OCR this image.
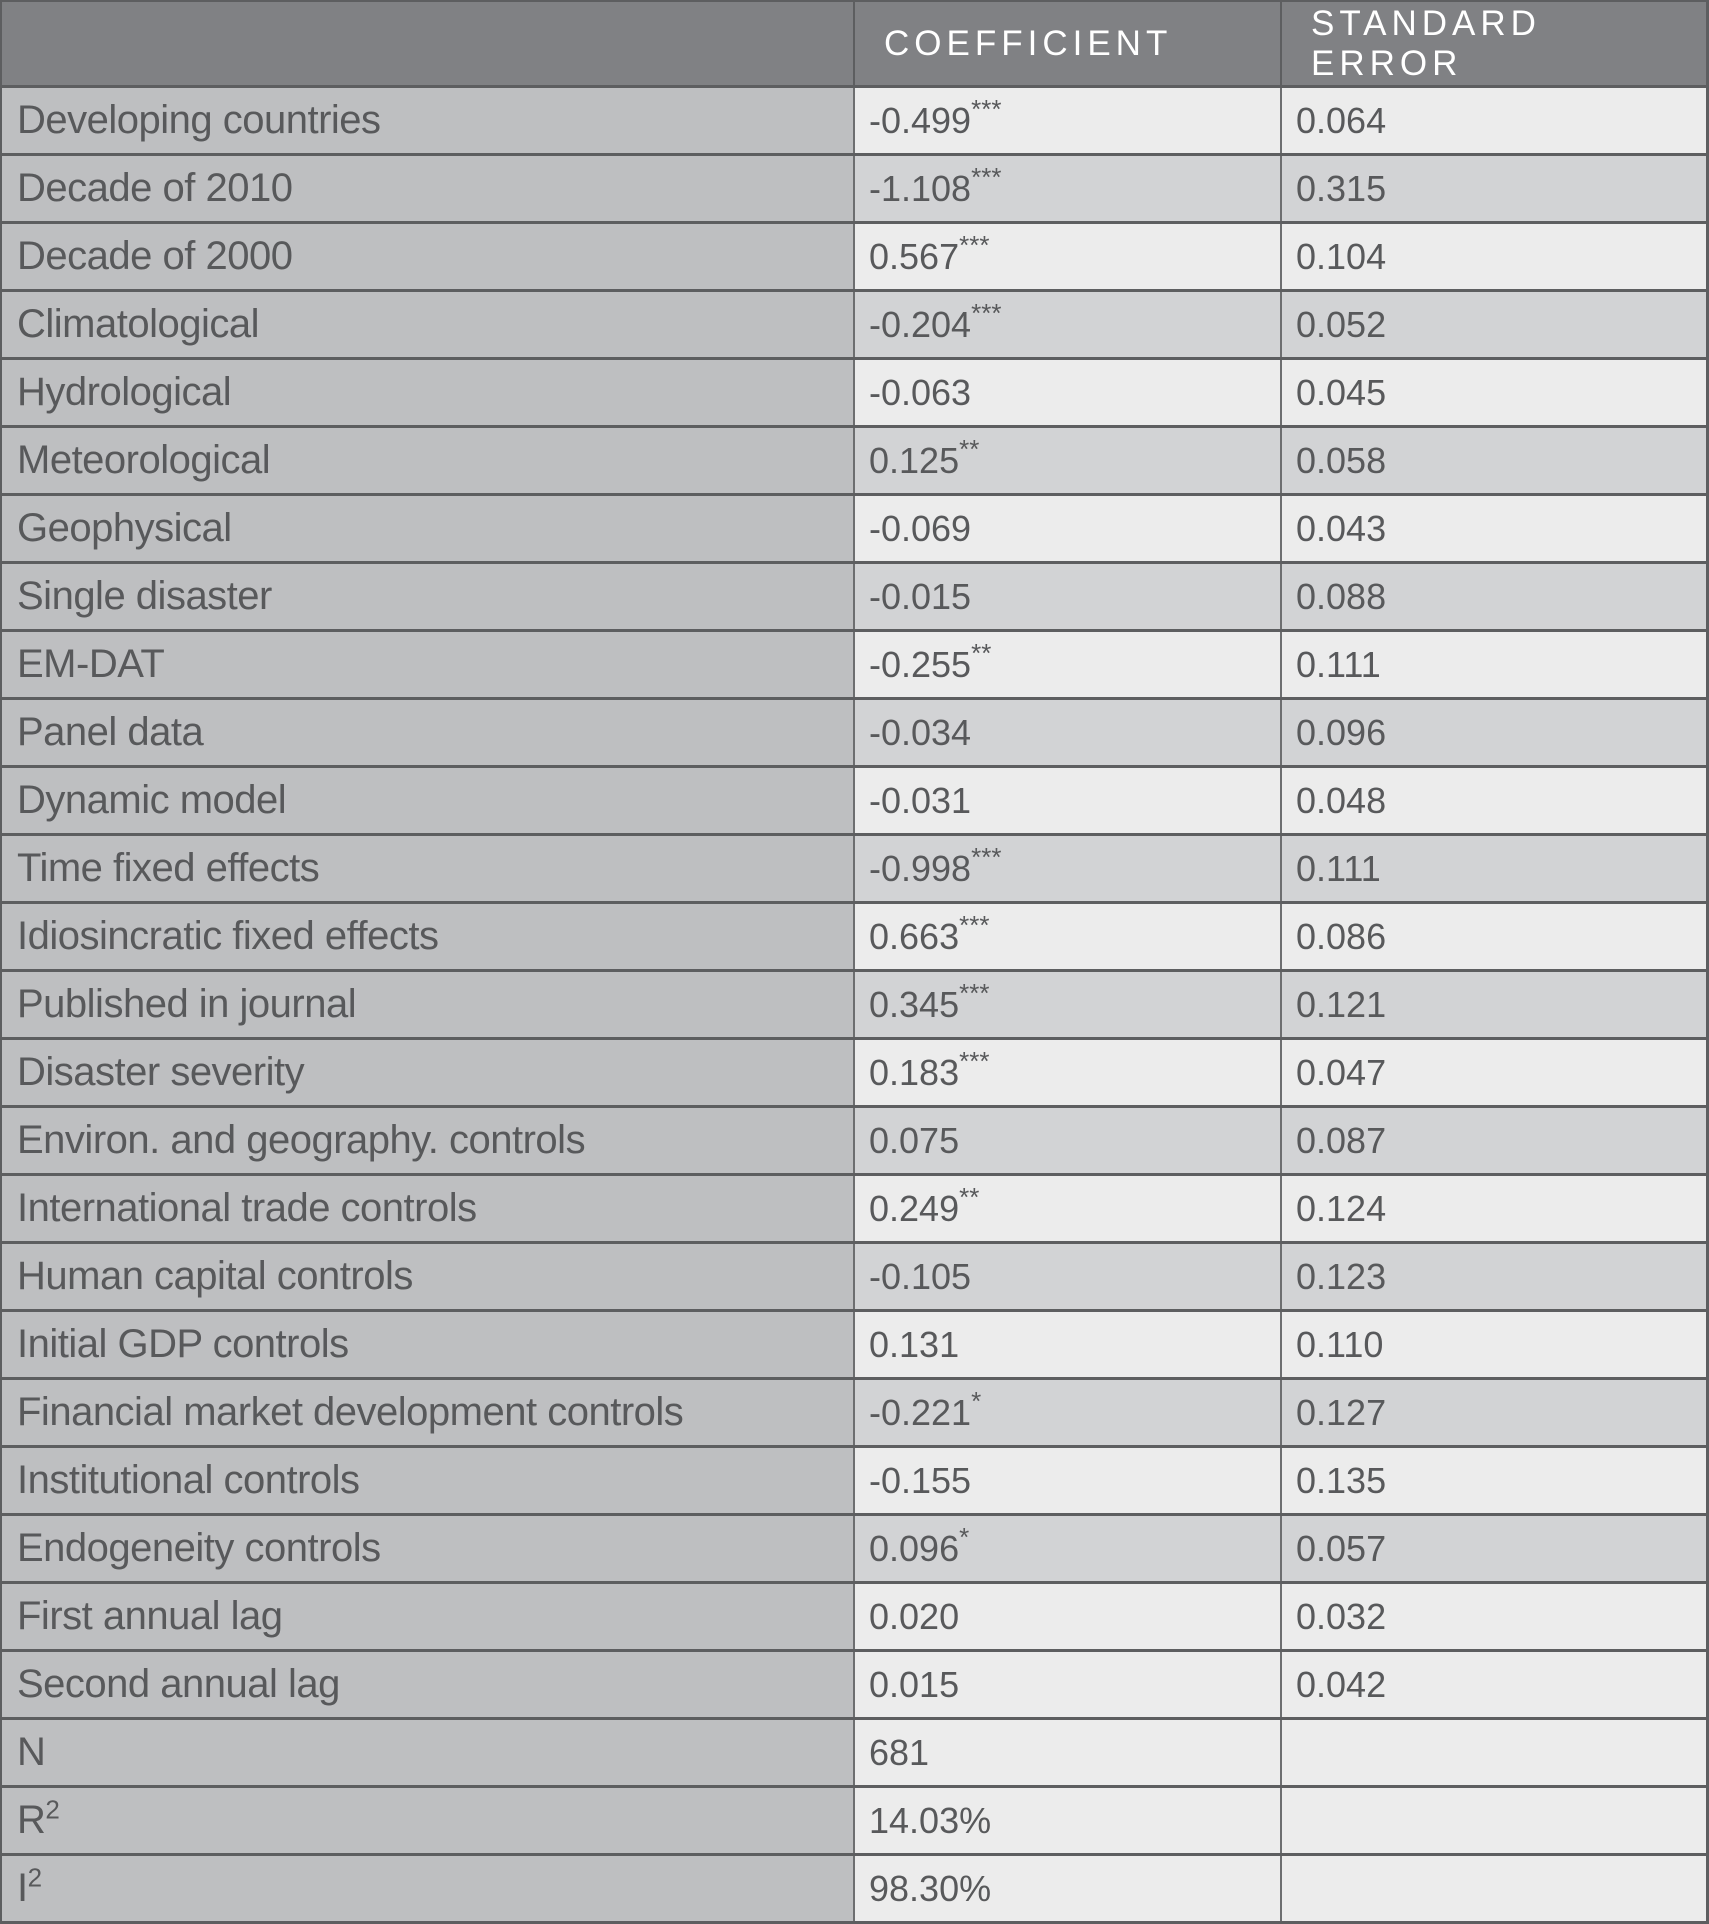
	COEFFICIENT	STANDARD ERROR
Developing countries	-0.499***	0.064
Decade of 2010	-1.108***	0.315
Decade of 2000	0.567***	0.104
Climatological	-0.204***	0.052
Hydrological	-0.063	0.045
Meteorological	0.125**	0.058
Geophysical	-0.069	0.043
Single disaster	-0.015	0.088
EM-DAT	-0.255**	0.111
Panel data	-0.034	0.096
Dynamic model	-0.031	0.048
Time fixed effects	-0.998***	0.111
Idiosincratic fixed effects	0.663***	0.086
Published in journal	0.345***	0.121
Disaster severity	0.183***	0.047
Environ. and geography. controls	0.075	0.087
International trade controls	0.249**	0.124
Human capital controls	-0.105	0.123
Initial GDP controls	0.131	0.110
Financial market development controls	-0.221*	0.127
Institutional controls	-0.155	0.135
Endogeneity controls	0.096*	0.057
First annual lag	0.020	0.032
Second annual lag	0.015	0.042
N	681	
$R^2$	14.03%	
$I^2$	98.30%	
